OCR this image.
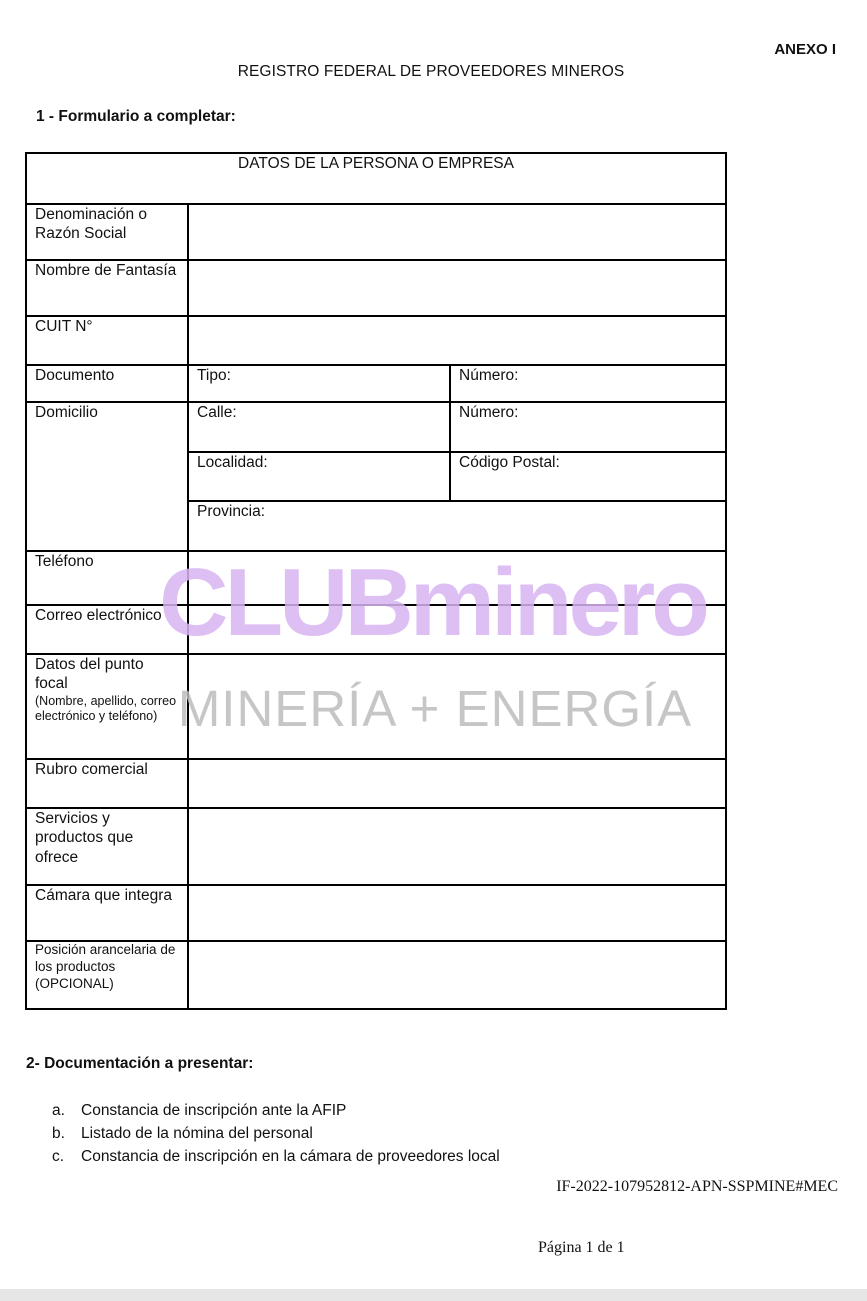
ANEXO I
REGISTRO FEDERAL DE PROVEEDORES MINEROS
1 - Formulario a completar:
DATOS DE LA PERSONA O EMPRESA		
Denominación o Razón Social		
Nombre de Fantasía		
CUIT N°		
Documento	Tipo:	Número:
Domicilio	Calle:	Número:
	Localidad:	Código Postal:
	Provincia:	
Teléfono		
Correo electrónico		
Datos del punto focal
(Nombre, apellido, correo electrónico y teléfono)		

Rubro comercial		
Servicios y productos que ofrece		
Cámara que integra		
Posición arancelaria de los productos (OPCIONAL)		
CLUBminero
MINERÍA + ENERGÍA
2- Documentación a presentar:
a.	Constancia de inscripción ante la AFIP
b.	Listado de la nómina del personal
c.	Constancia de inscripción en la cámara de proveedores local
IF-2022-107952812-APN-SSPMINE#MEC
Página 1 de 1
